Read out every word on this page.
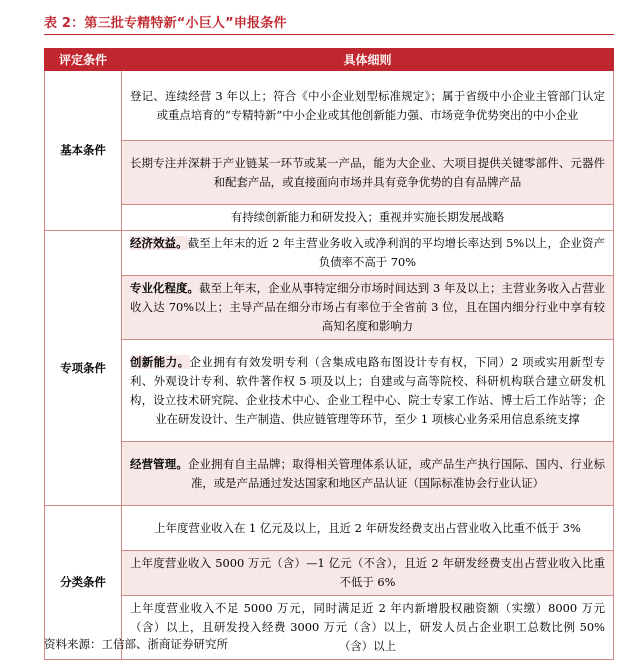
表 2：第三批专精特新“小巨人”申报条件
评定条件	具体细则
基本条件	登记、连续经营 3 年以上；符合《中小企业划型标准规定》；属于省级中小企业主管部门认定或重点培育的“专精特新”中小企业或其他创新能力强、市场竞争优势突出的中小企业
	长期专注并深耕于产业链某一环节或某一产品，能为大企业、大项目提供关键零部件、元器件和配套产品，或直接面向市场并具有竞争优势的自有品牌产品
	有持续创新能力和研发投入；重视并实施长期发展战略
专项条件	经济效益。截至上年末的近 2 年主营业务收入或净利润的平均增长率达到 5%以上，企业资产负债率不高于 70%
	专业化程度。截至上年末，企业从事特定细分市场时间达到 3 年及以上；主营业务收入占营业收入达 70%以上；主导产品在细分市场占有率位于全省前 3 位，且在国内细分行业中享有较高知名度和影响力
	创新能力。企业拥有有效发明专利（含集成电路布图设计专有权，下同）2 项或实用新型专利、外观设计专利、软件著作权 5 项及以上；自建或与高等院校、科研机构联合建立研发机构，设立技术研究院、企业技术中心、企业工程中心、院士专家工作站、博士后工作站等；企业在研发设计、生产制造、供应链管理等环节，至少 1 项核心业务采用信息系统支撑
	经营管理。企业拥有自主品牌；取得相关管理体系认证，或产品生产执行国际、国内、行业标准，或是产品通过发达国家和地区产品认证（国际标准协会行业认证）
分类条件	上年度营业收入在 1 亿元及以上，且近 2 年研发经费支出占营业收入比重不低于 3%
	上年度营业收入 5000 万元（含）—1 亿元（不含），且近 2 年研发经费支出占营业收入比重不低于 6%
	上年度营业收入不足 5000 万元，同时满足近 2 年内新增股权融资额（实缴）8000 万元（含）以上，且研发投入经费 3000 万元（含）以上，研发人员占企业职工总数比例 50%（含）以上
资料来源：工信部、浙商证券研究所
